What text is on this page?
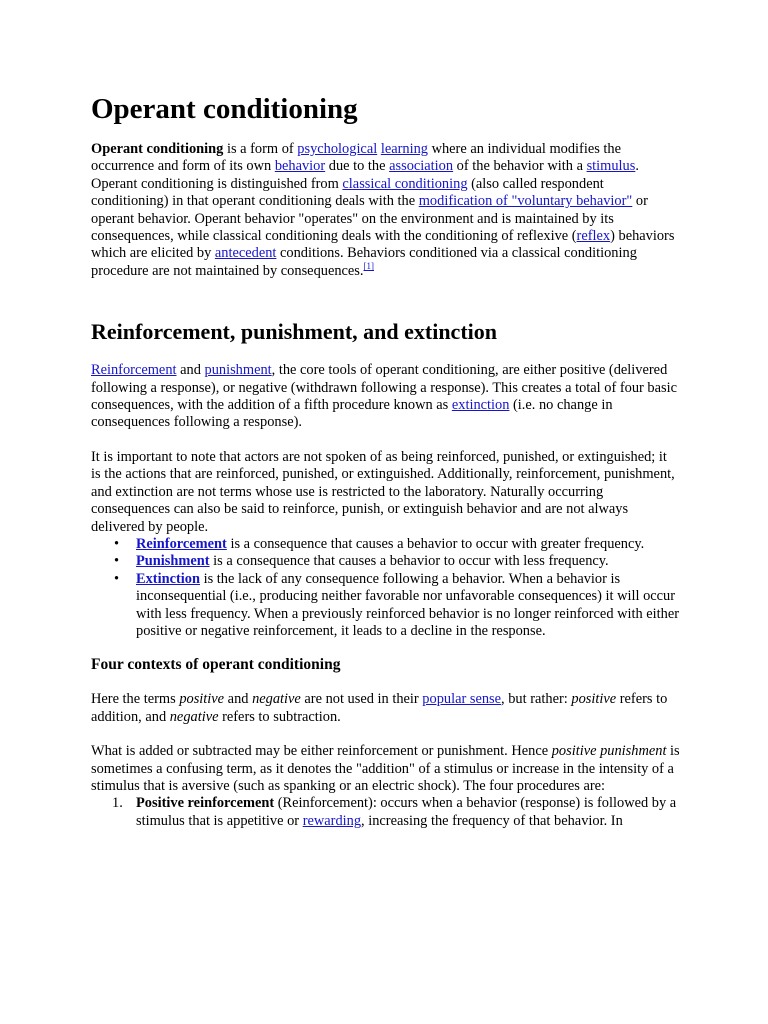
Operant conditioning

Operant conditioning is a form of psychological learning where an individual modifies the occurrence and form of its own behavior due to the association of the behavior with a stimulus. Operant conditioning is distinguished from classical conditioning (also called respondent conditioning) in that operant conditioning deals with the modification of "voluntary behavior" or operant behavior. Operant behavior "operates" on the environment and is maintained by its consequences, while classical conditioning deals with the conditioning of reflexive (reflex) behaviors which are elicited by antecedent conditions. Behaviors conditioned via a classical conditioning procedure are not maintained by consequences.[1]

Reinforcement, punishment, and extinction

Reinforcement and punishment, the core tools of operant conditioning, are either positive (delivered following a response), or negative (withdrawn following a response). This creates a total of four basic consequences, with the addition of a fifth procedure known as extinction (i.e. no change in consequences following a response).

It is important to note that actors are not spoken of as being reinforced, punished, or extinguished; it is the actions that are reinforced, punished, or extinguished. Additionally, reinforcement, punishment, and extinction are not terms whose use is restricted to the laboratory. Naturally occurring consequences can also be said to reinforce, punish, or extinguish behavior and are not always delivered by people.

• Reinforcement is a consequence that causes a behavior to occur with greater frequency.
• Punishment is a consequence that causes a behavior to occur with less frequency.
• Extinction is the lack of any consequence following a behavior. When a behavior is inconsequential (i.e., producing neither favorable nor unfavorable consequences) it will occur with less frequency. When a previously reinforced behavior is no longer reinforced with either positive or negative reinforcement, it leads to a decline in the response.
Four contexts of operant conditioning

Here the terms positive and negative are not used in their popular sense, but rather: positive refers to addition, and negative refers to subtraction.

What is added or subtracted may be either reinforcement or punishment. Hence positive punishment is sometimes a confusing term, as it denotes the "addition" of a stimulus or increase in the intensity of a stimulus that is aversive (such as spanking or an electric shock). The four procedures are:

1. Positive reinforcement (Reinforcement): occurs when a behavior (response) is followed by a stimulus that is appetitive or rewarding, increasing the frequency of that behavior. In
